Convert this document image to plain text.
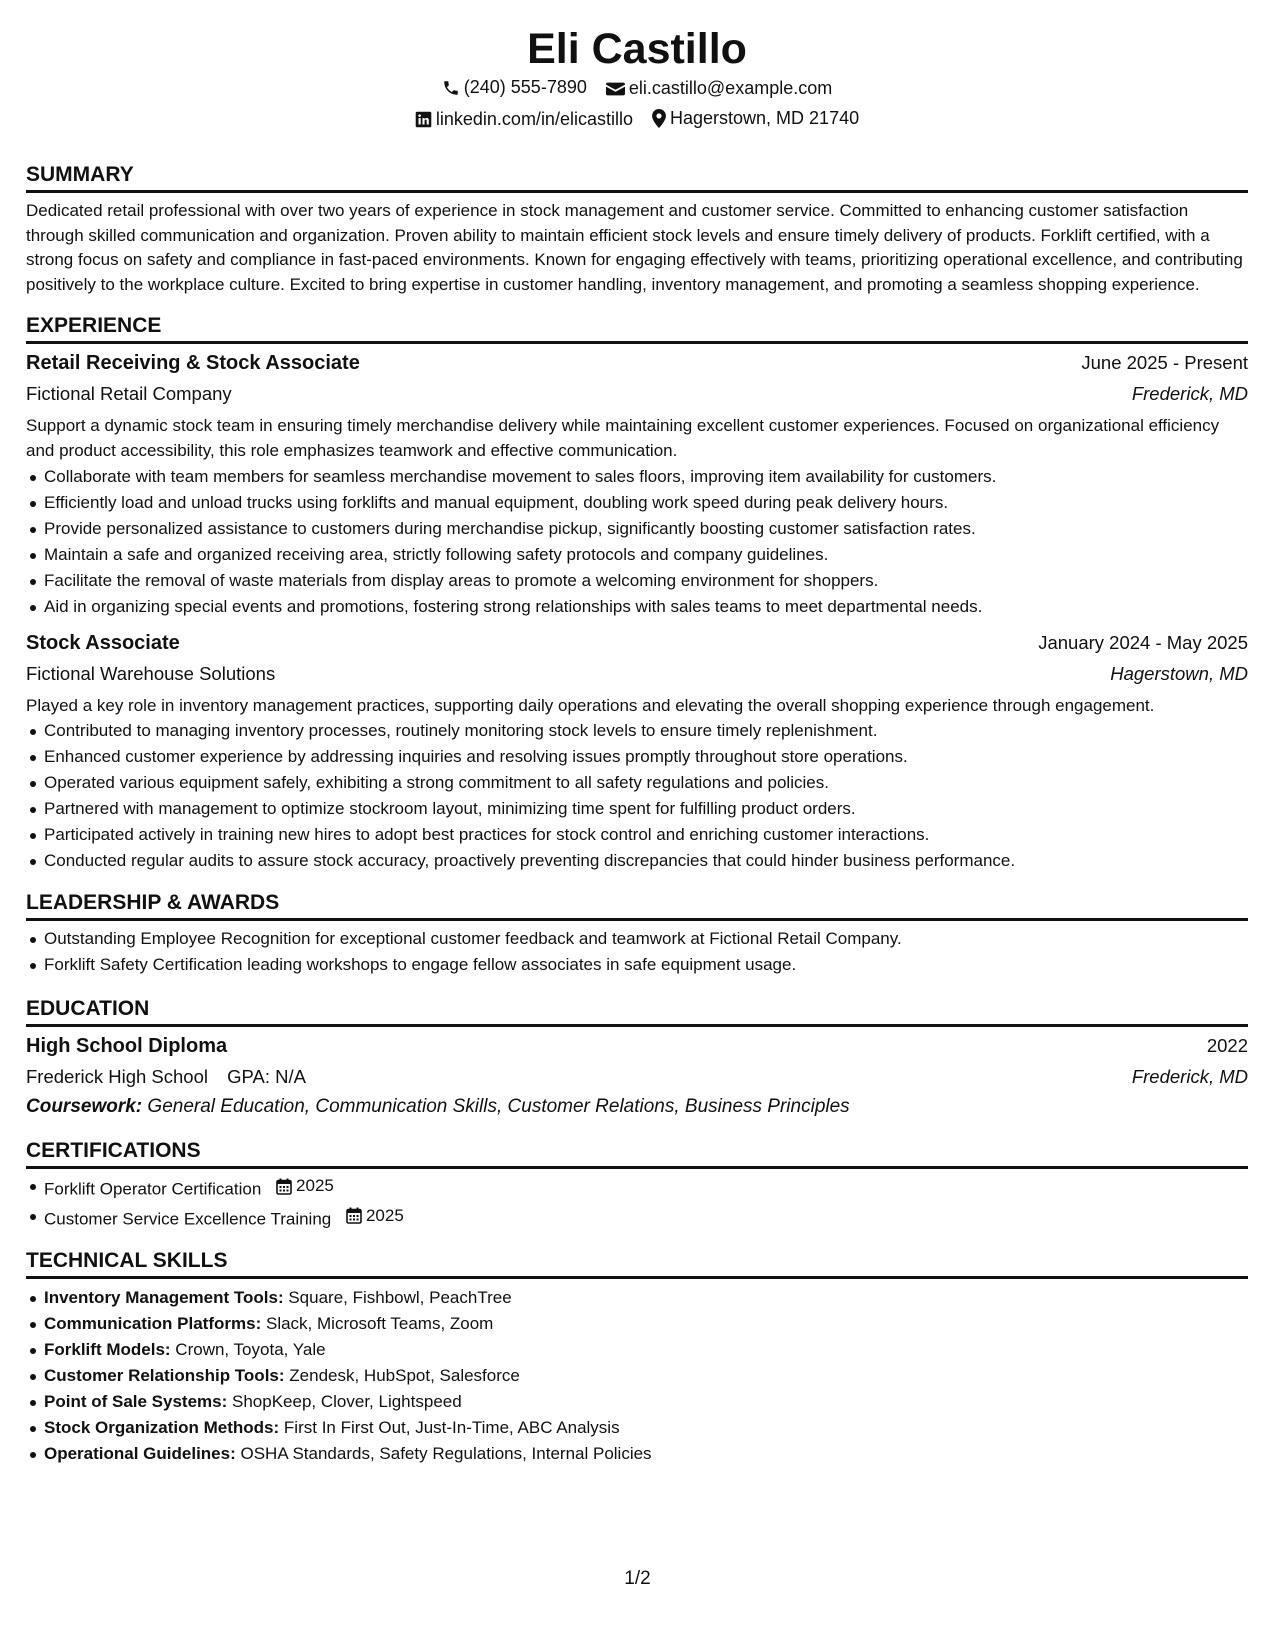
Eli Castillo
(240) 555-7890
eli.castillo@example.com
linkedin.com/in/elicastillo
Hagerstown, MD 21740
SUMMARY
Dedicated retail professional with over two years of experience in stock management and customer service. Committed to enhancing customer satisfaction through skilled communication and organization. Proven ability to maintain efficient stock levels and ensure timely delivery of products. Forklift certified, with a strong focus on safety and compliance in fast-paced environments. Known for engaging effectively with teams, prioritizing operational excellence, and contributing positively to the workplace culture. Excited to bring expertise in customer handling, inventory management, and promoting a seamless shopping experience.
EXPERIENCE
Retail Receiving & Stock Associate	June 2025 - Present
Fictional Retail Company	Frederick, MD
Support a dynamic stock team in ensuring timely merchandise delivery while maintaining excellent customer experiences. Focused on organizational efficiency and product accessibility, this role emphasizes teamwork and effective communication.
Collaborate with team members for seamless merchandise movement to sales floors, improving item availability for customers.
Efficiently load and unload trucks using forklifts and manual equipment, doubling work speed during peak delivery hours.
Provide personalized assistance to customers during merchandise pickup, significantly boosting customer satisfaction rates.
Maintain a safe and organized receiving area, strictly following safety protocols and company guidelines.
Facilitate the removal of waste materials from display areas to promote a welcoming environment for shoppers.
Aid in organizing special events and promotions, fostering strong relationships with sales teams to meet departmental needs.
Stock Associate	January 2024 - May 2025
Fictional Warehouse Solutions	Hagerstown, MD
Played a key role in inventory management practices, supporting daily operations and elevating the overall shopping experience through engagement.
Contributed to managing inventory processes, routinely monitoring stock levels to ensure timely replenishment.
Enhanced customer experience by addressing inquiries and resolving issues promptly throughout store operations.
Operated various equipment safely, exhibiting a strong commitment to all safety regulations and policies.
Partnered with management to optimize stockroom layout, minimizing time spent for fulfilling product orders.
Participated actively in training new hires to adopt best practices for stock control and enriching customer interactions.
Conducted regular audits to assure stock accuracy, proactively preventing discrepancies that could hinder business performance.
LEADERSHIP & AWARDS
Outstanding Employee Recognition for exceptional customer feedback and teamwork at Fictional Retail Company.
Forklift Safety Certification leading workshops to engage fellow associates in safe equipment usage.
EDUCATION
High School Diploma	2022
Frederick High School GPA: N/A	Frederick, MD
Coursework: General Education, Communication Skills, Customer Relations, Business Principles
CERTIFICATIONS
Forklift Operator Certification 2025
Customer Service Excellence Training 2025
TECHNICAL SKILLS
Inventory Management Tools: Square, Fishbowl, PeachTree
Communication Platforms: Slack, Microsoft Teams, Zoom
Forklift Models: Crown, Toyota, Yale
Customer Relationship Tools: Zendesk, HubSpot, Salesforce
Point of Sale Systems: ShopKeep, Clover, Lightspeed
Stock Organization Methods: First In First Out, Just-In-Time, ABC Analysis
Operational Guidelines: OSHA Standards, Safety Regulations, Internal Policies
1/2
